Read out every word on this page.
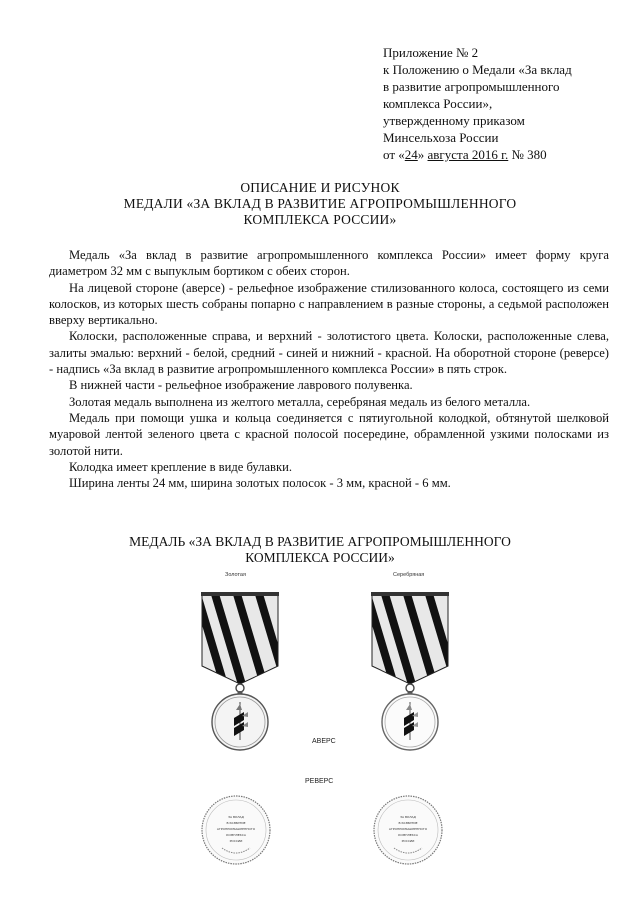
Приложение № 2
к Положению о Медали «За вклад
в развитие агропромышленного
комплекса России»,
утвержденному приказом
Минсельхоза России
от «24» августа 2016 г. № 380
ОПИСАНИЕ И РИСУНОК
МЕДАЛИ «ЗА ВКЛАД В РАЗВИТИЕ АГРОПРОМЫШЛЕННОГО
КОМПЛЕКСА РОССИИ»

Медаль «За вклад в развитие агропромышленного комплекса России» имеет форму круга диаметром 32 мм с выпуклым бортиком с обеих сторон.

На лицевой стороне (аверсе) - рельефное изображение стилизованного колоса, состоящего из семи колосков, из которых шесть собраны попарно с направлением в разные стороны, а седьмой расположен вверху вертикально.

Колоски, расположенные справа, и верхний - золотистого цвета. Колоски, расположенные слева, залиты эмалью: верхний - белой, средний - синей и нижний - красной. На оборотной стороне (реверсе) - надпись «За вклад в развитие агропромышленного комплекса России» в пять строк.

В нижней части - рельефное изображение лаврового полувенка.

Золотая медаль выполнена из желтого металла, серебряная медаль из белого металла.

Медаль при помощи ушка и кольца соединяется с пятиугольной колодкой, обтянутой шелковой муаровой лентой зеленого цвета с красной полосой посередине, обрамленной узкими полосками из золотой нити.

Колодка имеет крепление в виде булавки.

Ширина ленты 24 мм, ширина золотых полосок - 3 мм, красной - 6 мм.

МЕДАЛЬ «ЗА ВКЛАД В РАЗВИТИЕ АГРОПРОМЫШЛЕННОГО
КОМПЛЕКСА РОССИИ»
Золотая	Серебряная
АВЕРС
РЕВЕРС
ЗА ВКЛАД
В РАЗВИТИЕ
АГРОПРОМЫШЛЕННОГО
КОМПЛЕКСА
РОССИИ
ЗА ВКЛАД
В РАЗВИТИЕ
АГРОПРОМЫШЛЕННОГО
КОМПЛЕКСА
РОССИИ
